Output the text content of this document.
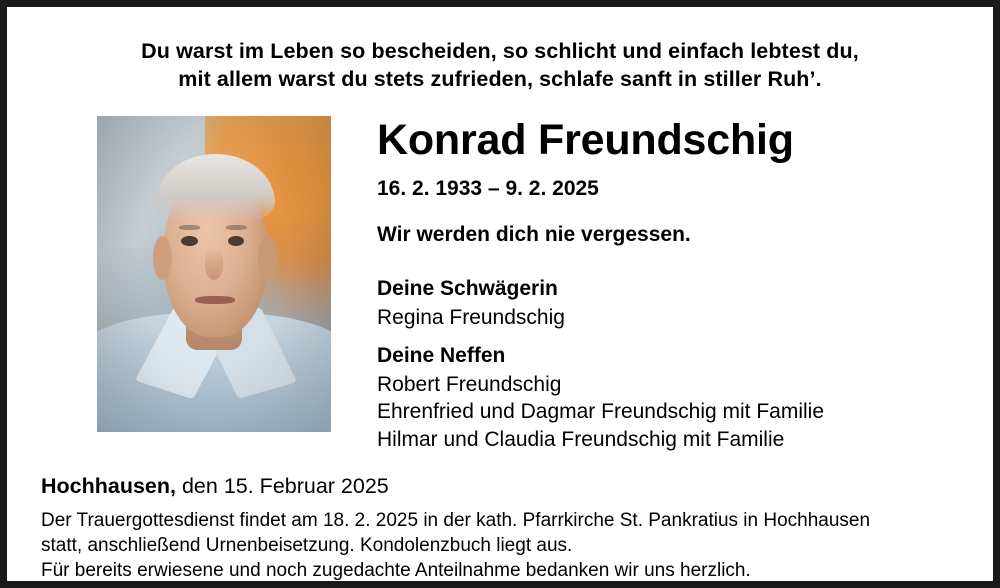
Du warst im Leben so bescheiden, so schlicht und einfach lebtest du,
mit allem warst du stets zufrieden, schlafe sanft in stiller Ruh’.
Konrad Freundschig
16. 2. 1933 – 9. 2. 2025
Wir werden dich nie vergessen.
Deine Schwägerin
Regina Freundschig
Deine Neffen
Robert Freundschig
Ehrenfried und Dagmar Freundschig mit Familie
Hilmar und Claudia Freundschig mit Familie
Hochhausen, den 15. Februar 2025
Der Trauergottesdienst findet am 18. 2. 2025 in der kath. Pfarrkirche St. Pankratius in Hochhausen
statt, anschließend Urnenbeisetzung. Kondolenzbuch liegt aus.
Für bereits erwiesene und noch zugedachte Anteilnahme bedanken wir uns herzlich.
